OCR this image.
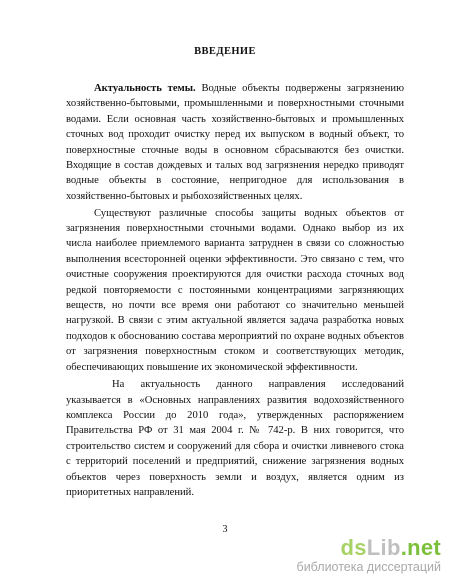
ВВЕДЕНИЕ

Актуальность темы. Водные объекты подвержены загрязнению хозяйственно-бытовыми, промышленными и поверхностными сточными водами. Если основная часть хозяйственно-бытовых и промышленных сточных вод проходит очистку перед их выпуском в водный объект, то поверхностные сточные воды в основном сбрасываются без очистки. Входящие в состав дождевых и талых вод загрязнения нередко приводят водные объекты в состояние, непригодное для использования в хозяйственно-бытовых и рыбохозяйственных целях.

Существуют различные способы защиты водных объектов от загрязнения поверхностными сточными водами. Однако выбор из их числа наиболее приемлемого варианта затруднен в связи со сложностью выполнения всесторонней оценки эффективности. Это связано с тем, что очистные сооружения проектируются для очистки расхода сточных вод редкой повторяемости с постоянными концентрациями загрязняющих веществ, но почти все время они работают со значительно меньшей нагрузкой. В связи с этим актуальной является задача разработка новых подходов к обоснованию состава мероприятий по охране водных объектов от загрязнения поверхностным стоком и соответствующих методик, обеспечивающих повышение их экономической эффективности.

На актуальность данного направления исследований указывается в «Основных направлениях развития водохозяйственного комплекса России до 2010 года», утвержденных распоряжением Правительства РФ от 31 мая 2004 г. № 742-р. В них говорится, что строительство систем и сооружений для сбора и очистки ливневого стока с территорий поселений и предприятий, снижение загрязнения водных объектов через поверхность земли и воздух, является одним из приоритетных направлений.

3
dsLib.net
библиотека диссертаций
